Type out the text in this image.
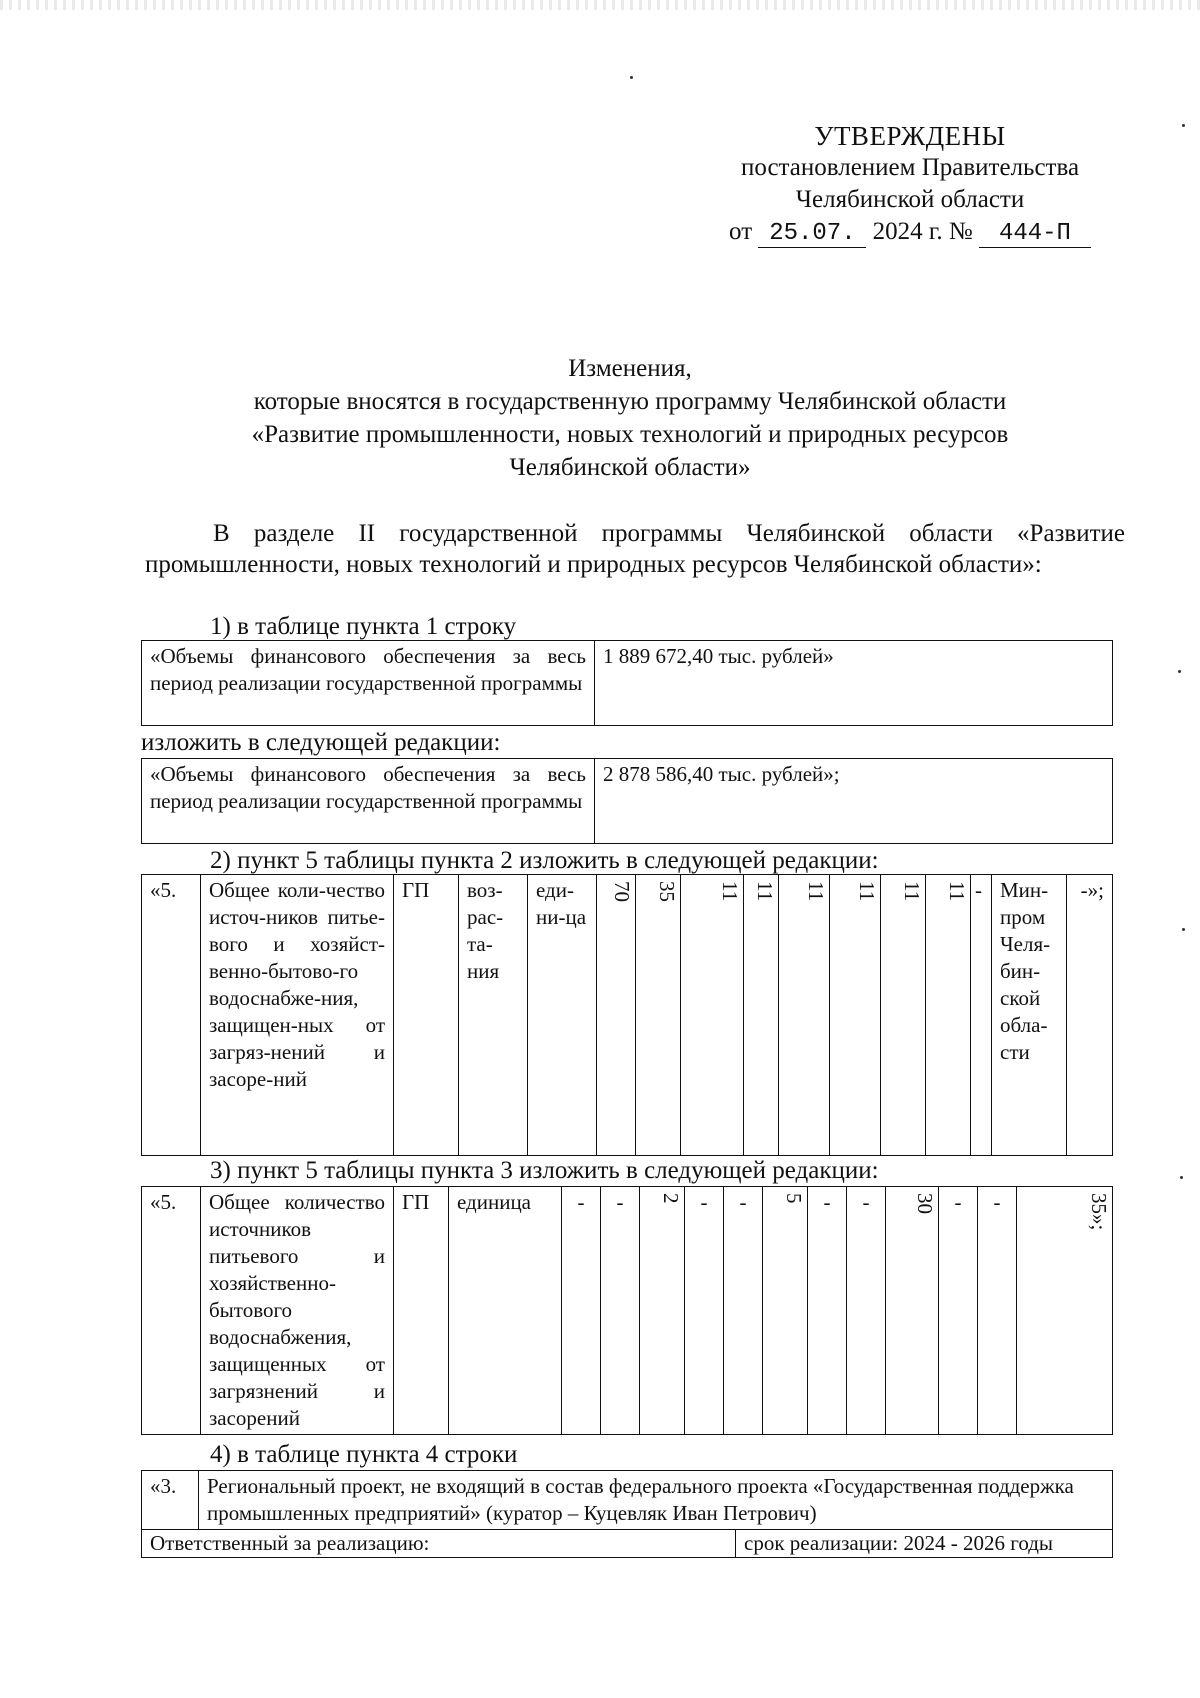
УТВЕРЖДЕНЫ
постановлением Правительства
Челябинской области
от 25.07. 2024 г. № 444-П
Изменения,
которые вносятся в государственную программу Челябинской области
«Развитие промышленности, новых технологий и природных ресурсов
Челябинской области»
В разделе II государственной программы Челябинской области «Развитие промышленности, новых технологий и природных ресурсов Челябинской области»:
1) в таблице пункта 1 строку
«Объемы финансового обеспечения за весь период реализации государственной программы	1 889 672,40 тыс. рублей»
изложить в следующей редакции:
«Объемы финансового обеспечения за весь период реализации государственной программы	2 878 586,40 тыс. рублей»;
2) пункт 5 таблицы пункта 2 изложить в следующей редакции:
«5.	Общее коли-чество источ-ников питье-вого и хозяйст-венно-бытово-го водоснабже-ния, защищен-ных от загряз-нений и засоре-ний	ГП	воз-рас-та-ния	еди-ни-ца	70	35	11	11	11	11	11	11	-	Мин-пром Челя-бин-ской обла-сти	-»;
3) пункт 5 таблицы пункта 3 изложить в следующей редакции:
«5.	Общее количество источников питьевого и хозяйственно-бытового водоснабжения, защищенных от загрязнений и засорений	ГП	единица	-	-	2	-	-	5	-	-	30	-	-	35»;
4) в таблице пункта 4 строки
«3.	Региональный проект, не входящий в состав федерального проекта «Государственная поддержка промышленных предприятий» (куратор – Куцевляк Иван Петрович)	
Ответственный за реализацию:		срок реализации: 2024 - 2026 годы
